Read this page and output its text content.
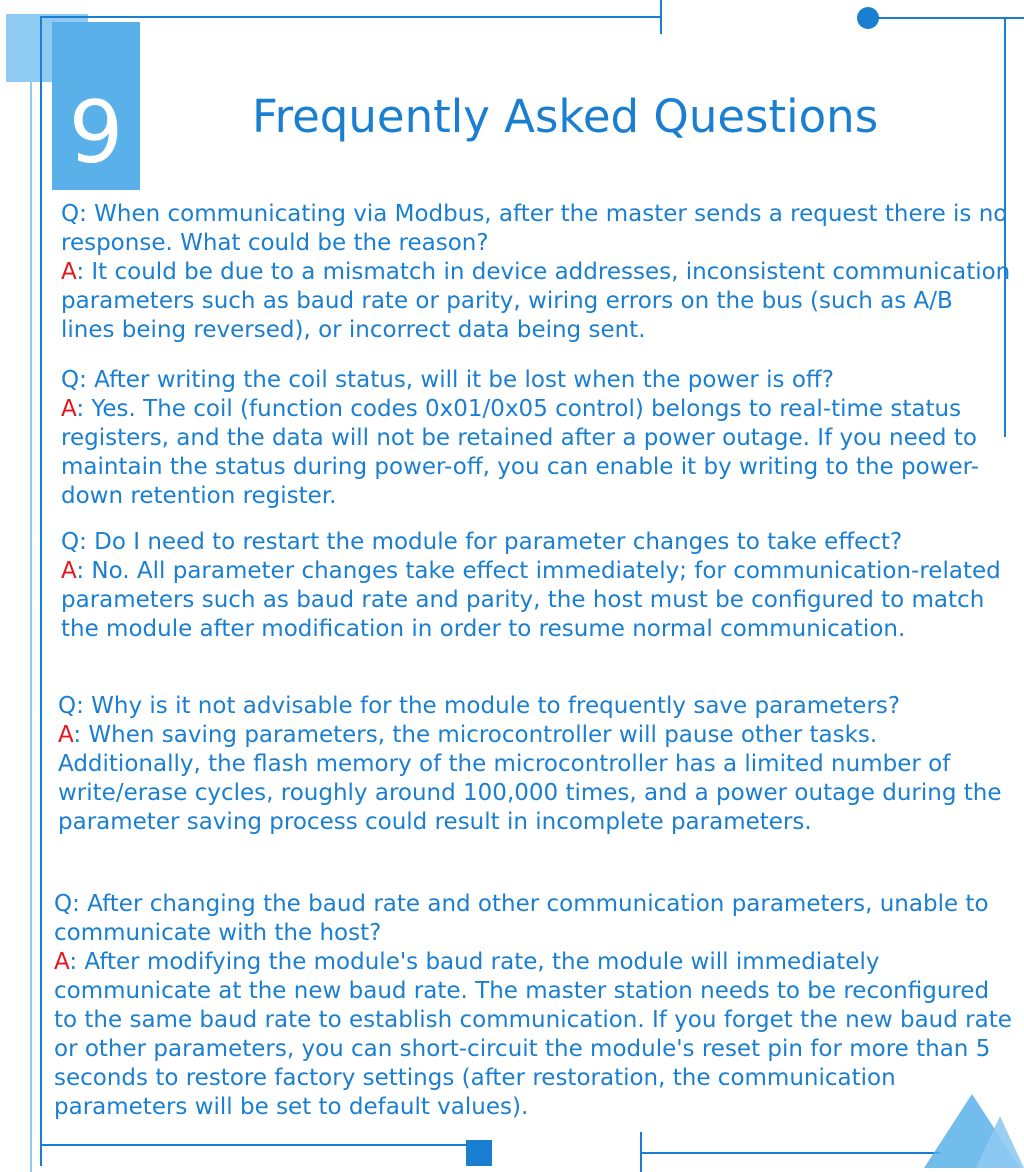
9	Frequently Asked Questions

Q: When communicating via Modbus, after the master sends a request there is no response. What could be the reason?

A: It could be due to a mismatch in device addresses, inconsistent communication parameters such as baud rate or parity, wiring errors on the bus (such as A/B lines being reversed), or incorrect data being sent.

Q: After writing the coil status, will it be lost when the power is off?

A: Yes. The coil (function codes 0x01/0x05 control) belongs to real-time status registers, and the data will not be retained after a power outage. If you need to maintain the status during power-off, you can enable it by writing to the power-down retention register.

Q: Do I need to restart the module for parameter changes to take effect?

A: No. All parameter changes take effect immediately; for communication-related parameters such as baud rate and parity, the host must be configured to match the module after modification in order to resume normal communication.

Q: Why is it not advisable for the module to frequently save parameters?

A: When saving parameters, the microcontroller will pause other tasks. Additionally, the flash memory of the microcontroller has a limited number of write/erase cycles, roughly around 100,000 times, and a power outage during the parameter saving process could result in incomplete parameters.

Q: After changing the baud rate and other communication parameters, unable to communicate with the host?

A: After modifying the module's baud rate, the module will immediately communicate at the new baud rate. The master station needs to be reconfigured to the same baud rate to establish communication. If you forget the new baud rate or other parameters, you can short-circuit the module's reset pin for more than 5 seconds to restore factory settings (after restoration, the communication parameters will be set to default values).
